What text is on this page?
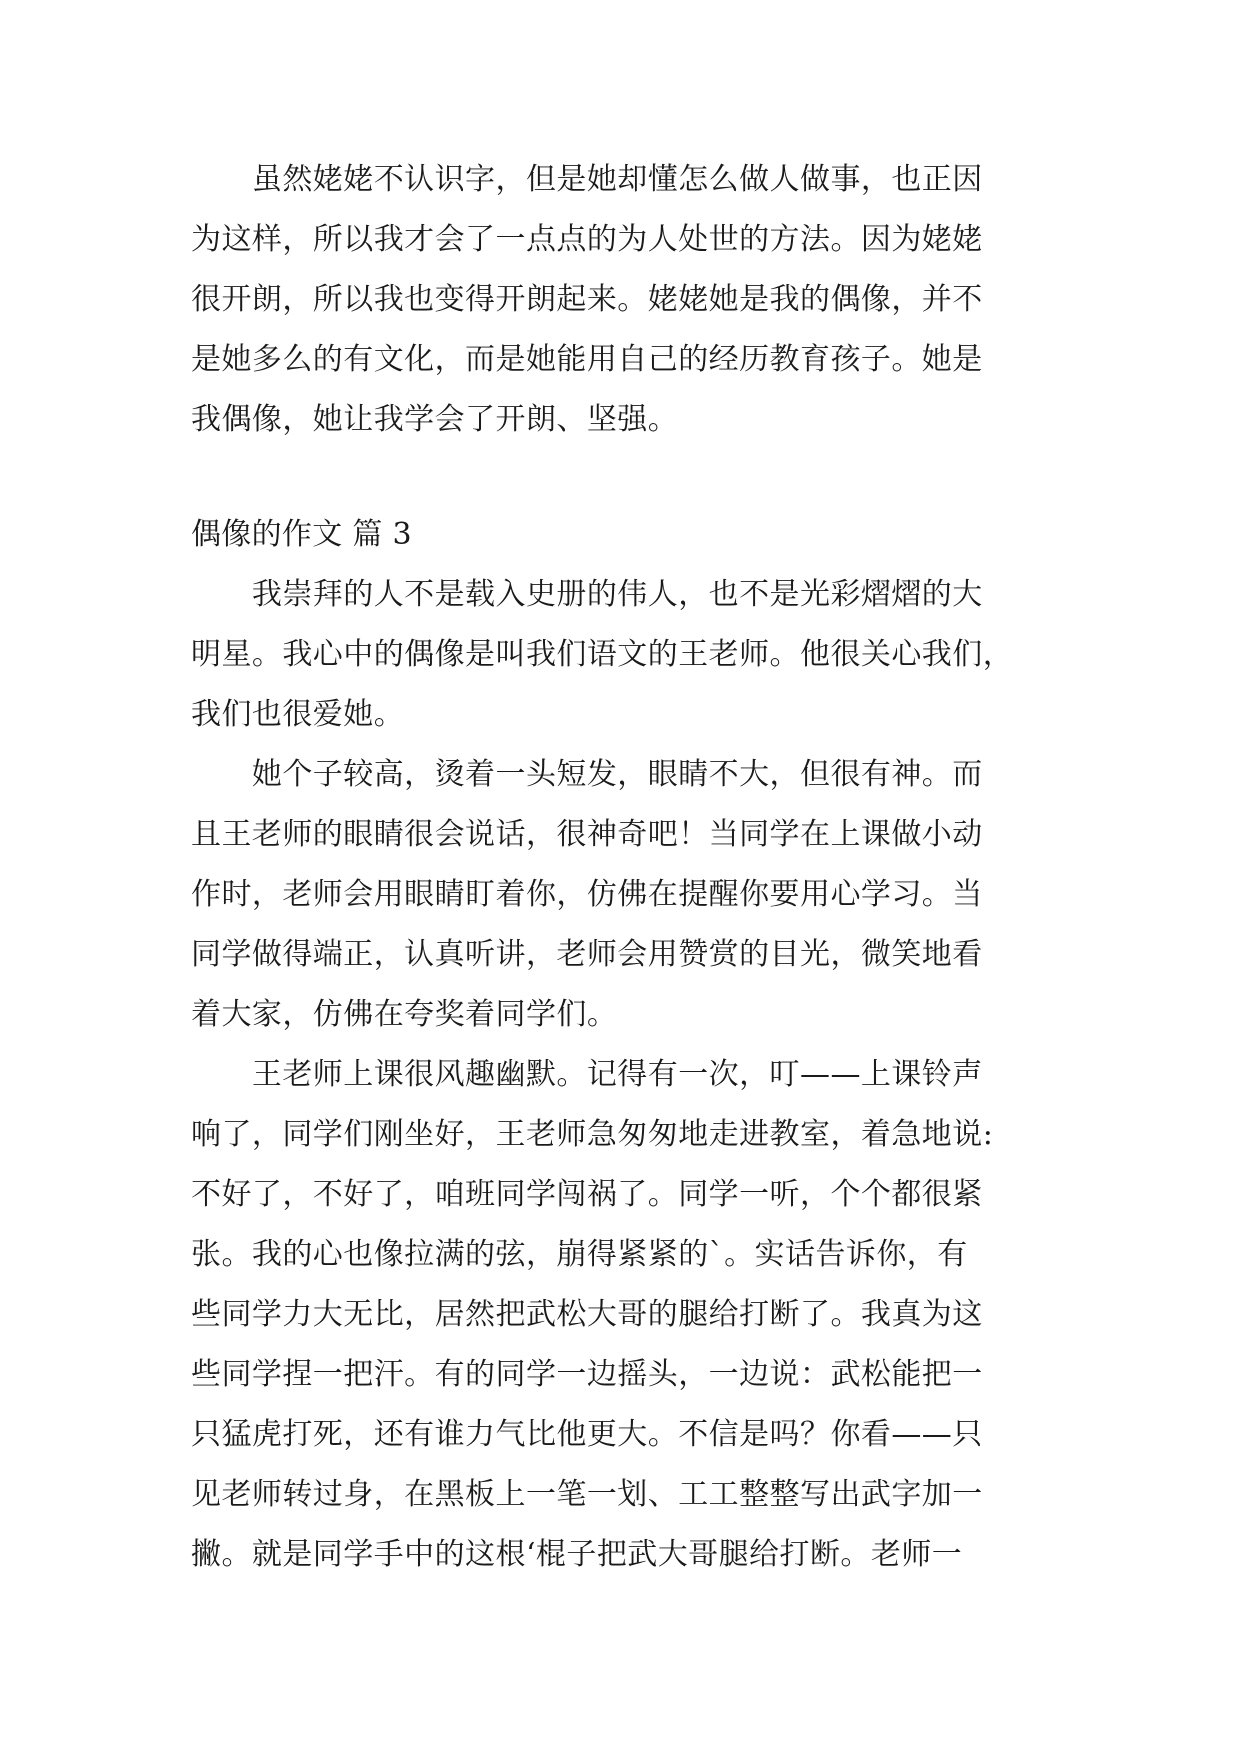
　　虽然姥姥不认识字，但是她却懂怎么做人做事，也正因
为这样，所以我才会了一点点的为人处世的方法。因为姥姥
很开朗，所以我也变得开朗起来。姥姥她是我的偶像，并不
是她多么的有文化，而是她能用自己的经历教育孩子。她是
我偶像，她让我学会了开朗、坚强。
偶像的作文 篇 3
　　我崇拜的人不是载入史册的伟人，也不是光彩熠熠的大
明星。我心中的偶像是叫我们语文的王老师。他很关心我们，
我们也很爱她。
　　她个子较高，烫着一头短发，眼睛不大，但很有神。而
且王老师的眼睛很会说话，很神奇吧！当同学在上课做小动
作时，老师会用眼睛盯着你，仿佛在提醒你要用心学习。当
同学做得端正，认真听讲，老师会用赞赏的目光，微笑地看
着大家，仿佛在夸奖着同学们。
　　王老师上课很风趣幽默。记得有一次，叮——上课铃声
响了，同学们刚坐好，王老师急匆匆地走进教室，着急地说:
不好了，不好了，咱班同学闯祸了。同学一听，个个都很紧
张。我的心也像拉满的弦，崩得紧紧的`。实话告诉你，有
些同学力大无比，居然把武松大哥的腿给打断了。我真为这
些同学捏一把汗。有的同学一边摇头，一边说：武松能把一
只猛虎打死，还有谁力气比他更大。不信是吗？你看——只
见老师转过身，在黑板上一笔一划、工工整整写出武字加一
撇。就是同学手中的这根‘棍子把武大哥腿给打断。老师一
